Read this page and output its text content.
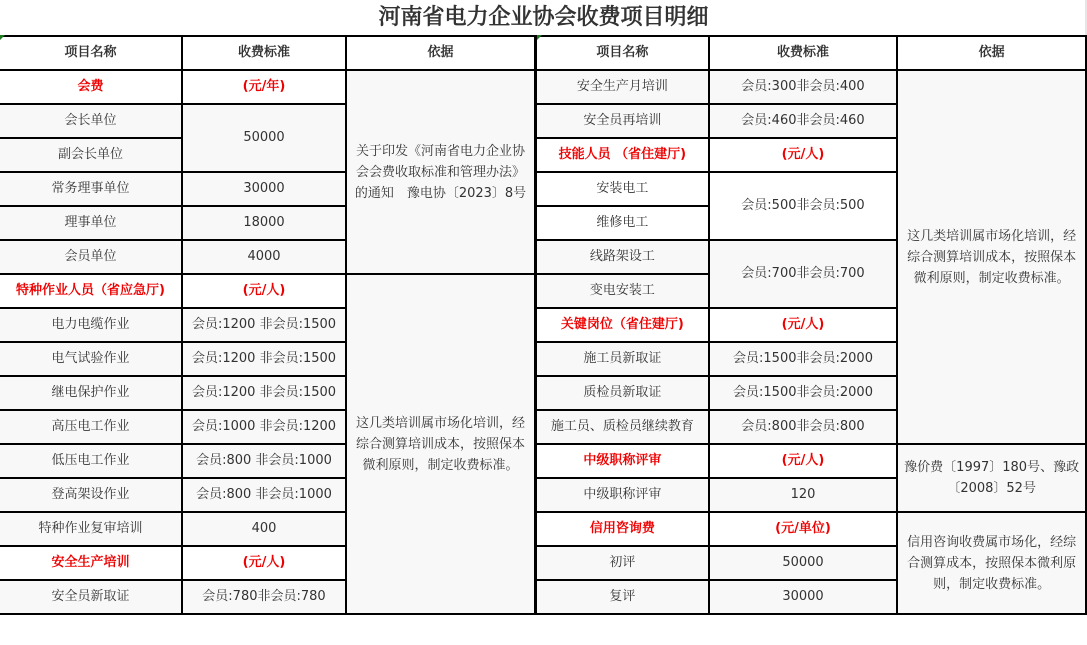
河南省电力企业协会收费项目明细
项目名称	收费标准	依据
会费	(元/年)	关于印发《河南省电力企业协会会费收取标准和管理办法》的通知　豫电协〔2023〕8号
会长单位	50000	
副会长单位		
常务理事单位	30000	
理事单位	18000	
会员单位	4000	
特种作业人员（省应急厅)	(元/人)	这几类培训属市场化培训，经综合测算培训成本，按照保本微利原则，制定收费标准。
电力电缆作业	会员:1200 非会员:1500	
电气试验作业	会员:1200 非会员:1500	
继电保护作业	会员:1200 非会员:1500	
高压电工作业	会员:1000 非会员:1200	
低压电工作业	会员:800 非会员:1000	
登高架设作业	会员:800 非会员:1000	
特种作业复审培训	400	
安全生产培训	(元/人)	
安全员新取证	会员:780非会员:780	
项目名称	收费标准	依据
安全生产月培训	会员:300非会员:400	这几类培训属市场化培训，经综合测算培训成本，按照保本微利原则，制定收费标准。
安全员再培训	会员:460非会员:460	
技能人员 （省住建厅)	(元/人)	
安装电工	会员:500非会员:500	
维修电工		
线路架设工	会员:700非会员:700	
变电安装工		
关键岗位（省住建厅)	(元/人)	
施工员新取证	会员:1500非会员:2000	
质检员新取证	会员:1500非会员:2000	
施工员、质检员继续教育	会员:800非会员:800	
中级职称评审	(元/人)	豫价费〔1997〕180号、豫政〔2008〕52号
中级职称评审	120	
信用咨询费	(元/单位)	信用咨询收费属市场化，经综合测算成本，按照保本微利原则，制定收费标准。
初评	50000	
复评	30000	
